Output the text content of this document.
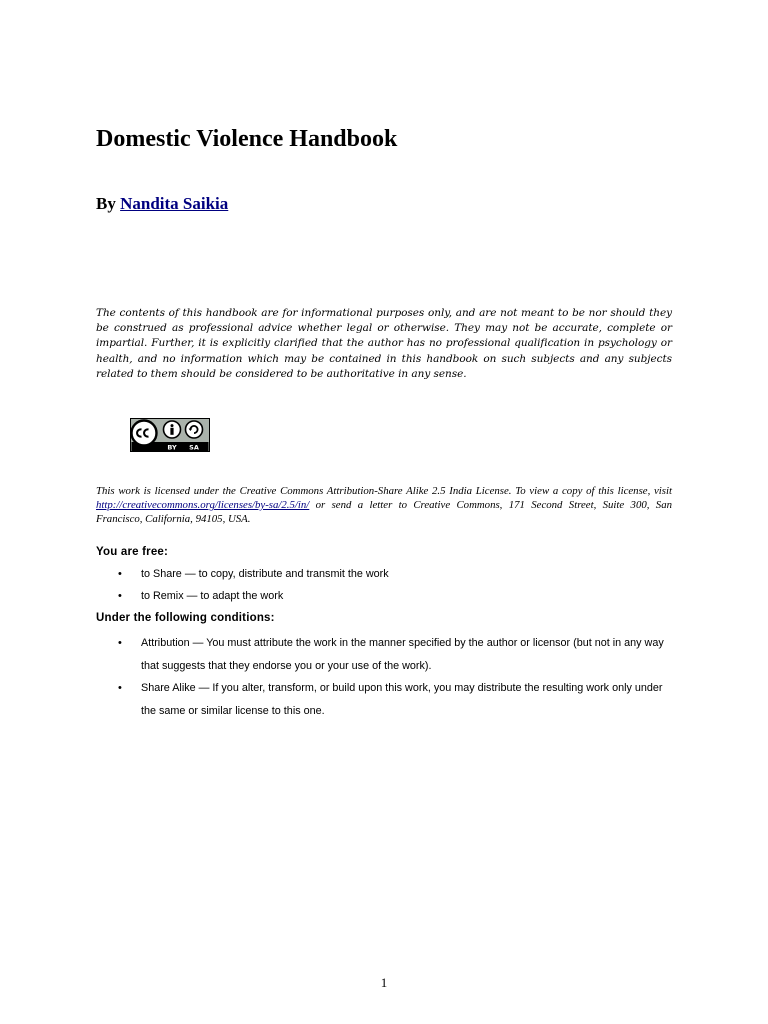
Domestic Violence Handbook

By Nandita Saikia

The contents of this handbook are for informational purposes only, and are not meant to be nor should they be construed as professional advice whether legal or otherwise. They may not be accurate, complete or impartial. Further, it is explicitly clarified that the author has no professional qualification in psychology or health, and no information which may be contained in this handbook on such subjects and any subjects related to them should be considered to be authoritative in any sense.

BY SA

This work is licensed under the Creative Commons Attribution-Share Alike 2.5 India License. To view a copy of this license, visit http://creativecommons.org/licenses/by-sa/2.5/in/ or send a letter to Creative Commons, 171 Second Street, Suite 300, San Francisco, California, 94105, USA.

You are free:

• to Share — to copy, distribute and transmit the work
• to Remix — to adapt the work

Under the following conditions:

• Attribution — You must attribute the work in the manner specified by the author or licensor (but not in any way that suggests that they endorse you or your use of the work).
• Share Alike — If you alter, transform, or build upon this work, you may distribute the resulting work only under the same or similar license to this one.
1
